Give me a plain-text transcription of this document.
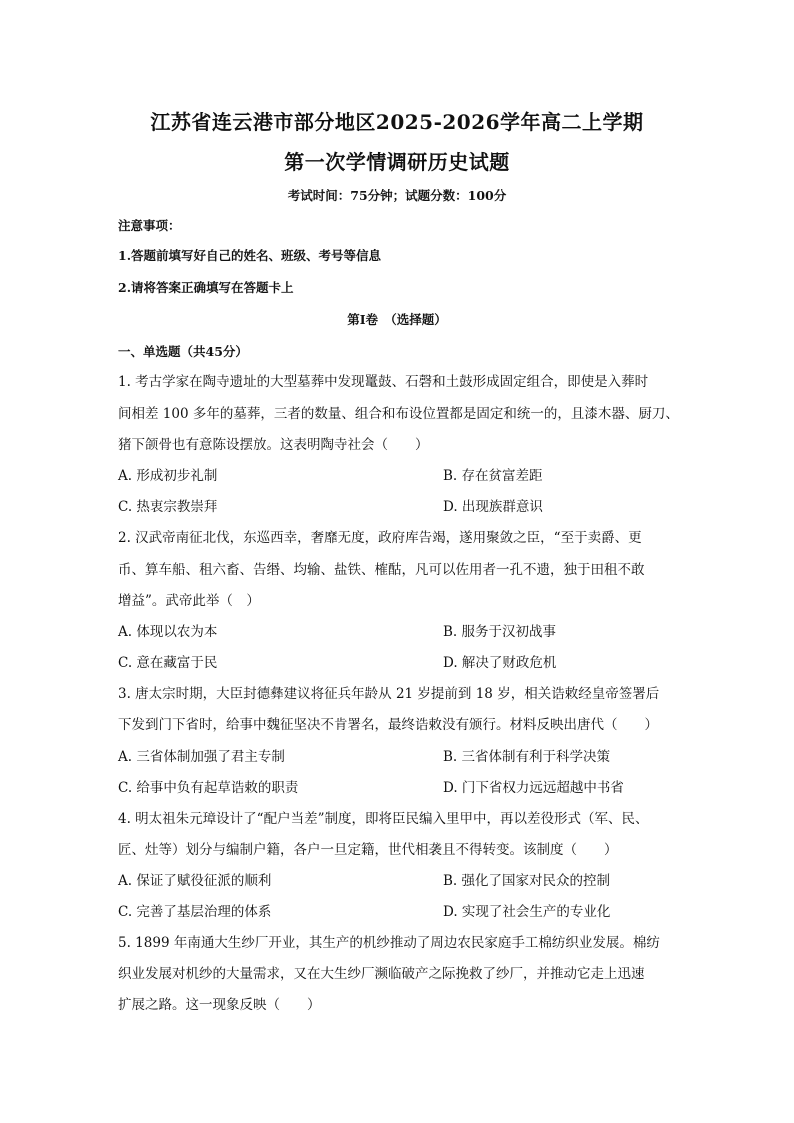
江苏省连云港市部分地区2025-2026学年高二上学期
第一次学情调研历史试题
考试时间：75分钟；试题分数：100分
注意事项：
1.答题前填写好自己的姓名、班级、考号等信息
2.请将答案正确填写在答题卡上
第Ⅰ卷　（选择题）
一、单选题（共45分）
1. 考古学家在陶寺遗址的大型墓葬中发现鼍鼓、石磬和土鼓形成固定组合，即使是入葬时
间相差 100 多年的墓葬，三者的数量、组合和布设位置都是固定和统一的，且漆木器、厨刀、
猪下颌骨也有意陈设摆放。这表明陶寺社会（　　）
A. 形成初步礼制	B. 存在贫富差距
C. 热衷宗教崇拜	D. 出现族群意识
2. 汉武帝南征北伐，东巡西幸，奢靡无度，政府库告竭，遂用聚敛之臣，“至于卖爵、更
币、算车船、租六畜、告缗、均输、盐铁、榷酤，凡可以佐用者一孔不遗，独于田租不敢
增益”。武帝此举（　）
A. 体现以农为本	B. 服务于汉初战事
C. 意在藏富于民	D. 解决了财政危机
3. 唐太宗时期，大臣封德彝建议将征兵年龄从 21 岁提前到 18 岁，相关诰敕经皇帝签署后
下发到门下省时，给事中魏征坚决不肯署名，最终诰敕没有颁行。材料反映出唐代（　　）
A. 三省体制加强了君主专制	B. 三省体制有利于科学决策
C. 给事中负有起草诰敕的职责	D. 门下省权力远远超越中书省
4. 明太祖朱元璋设计了“配户当差”制度，即将臣民编入里甲中，再以差役形式（军、民、
匠、灶等）划分与编制户籍，各户一旦定籍，世代相袭且不得转变。该制度（　　）
A. 保证了赋役征派的顺利	B. 强化了国家对民众的控制
C. 完善了基层治理的体系	D. 实现了社会生产的专业化
5. 1899 年南通大生纱厂开业，其生产的机纱推动了周边农民家庭手工棉纺织业发展。棉纺
织业发展对机纱的大量需求，又在大生纱厂濒临破产之际挽救了纱厂，并推动它走上迅速
扩展之路。这一现象反映（　　）
